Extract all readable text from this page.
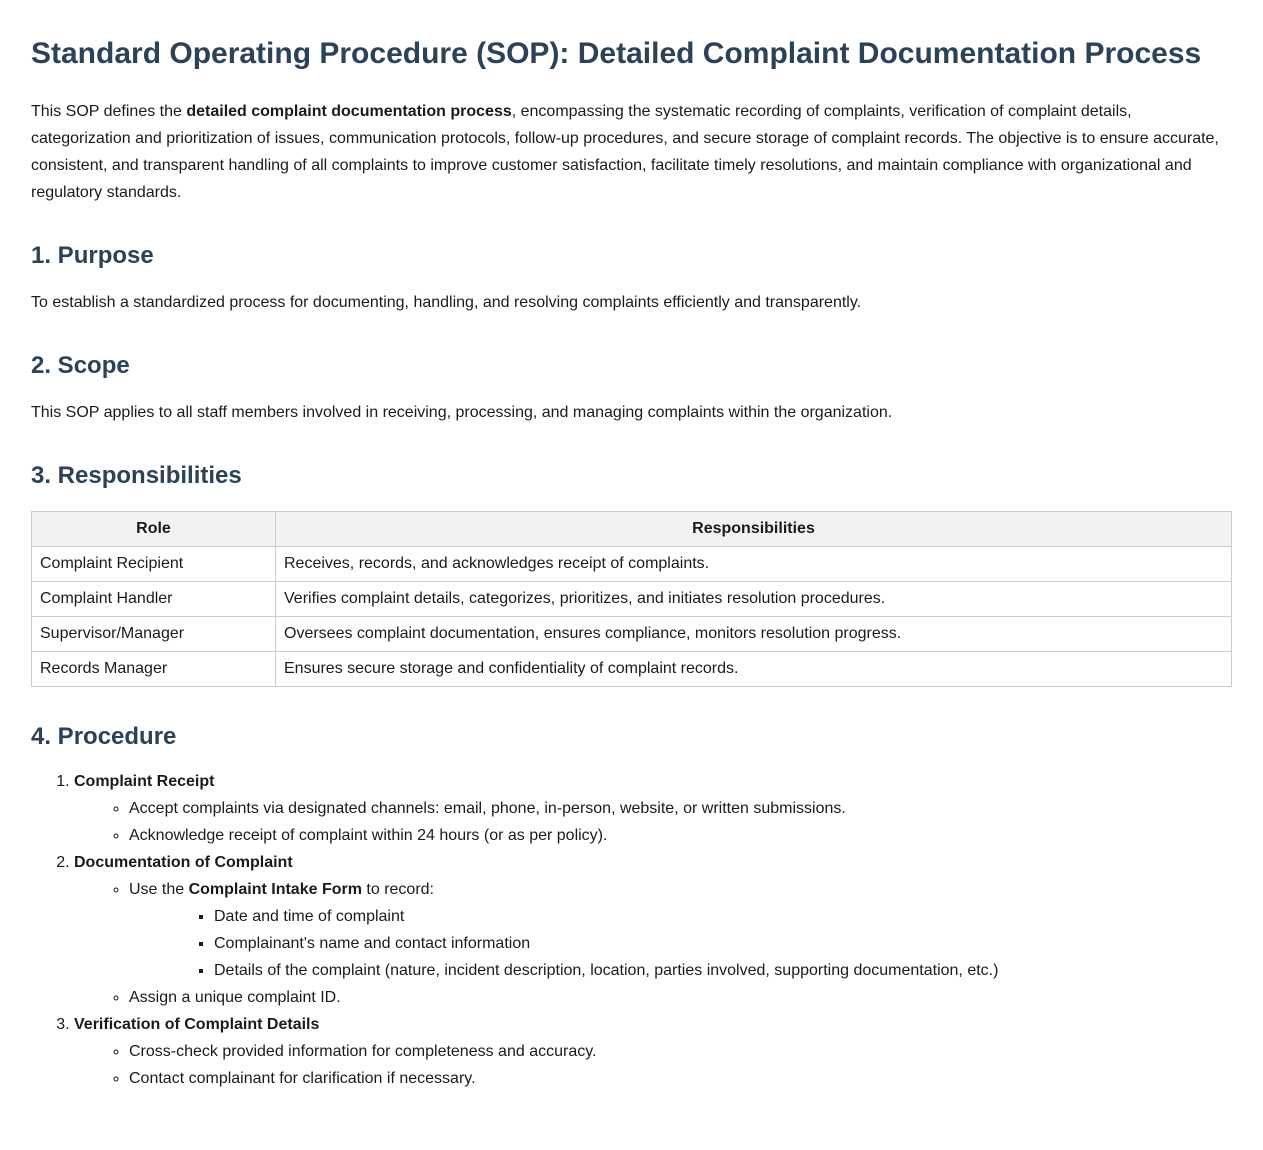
Standard Operating Procedure (SOP): Detailed Complaint Documentation Process

This SOP defines the detailed complaint documentation process, encompassing the systematic recording of complaints, verification of complaint details, categorization and prioritization of issues, communication protocols, follow-up procedures, and secure storage of complaint records. The objective is to ensure accurate, consistent, and transparent handling of all complaints to improve customer satisfaction, facilitate timely resolutions, and maintain compliance with organizational and regulatory standards.

1. Purpose

To establish a standardized process for documenting, handling, and resolving complaints efficiently and transparently.

2. Scope

This SOP applies to all staff members involved in receiving, processing, and managing complaints within the organization.

3. Responsibilities
Role	Responsibilities
Complaint Recipient	Receives, records, and acknowledges receipt of complaints.
Complaint Handler	Verifies complaint details, categorizes, prioritizes, and initiates resolution procedures.
Supervisor/Manager	Oversees complaint documentation, ensures compliance, monitors resolution progress.
Records Manager	Ensures secure storage and confidentiality of complaint records.
4. Procedure
1. Complaint Receipt
◦ Accept complaints via designated channels: email, phone, in-person, website, or written submissions.
◦ Acknowledge receipt of complaint within 24 hours (or as per policy).
2. Documentation of Complaint
◦ Use the Complaint Intake Form to record:
▪ Date and time of complaint
▪ Complainant's name and contact information
▪ Details of the complaint (nature, incident description, location, parties involved, supporting documentation, etc.)
◦ Assign a unique complaint ID.
3. Verification of Complaint Details
◦ Cross-check provided information for completeness and accuracy.
◦ Contact complainant for clarification if necessary.
